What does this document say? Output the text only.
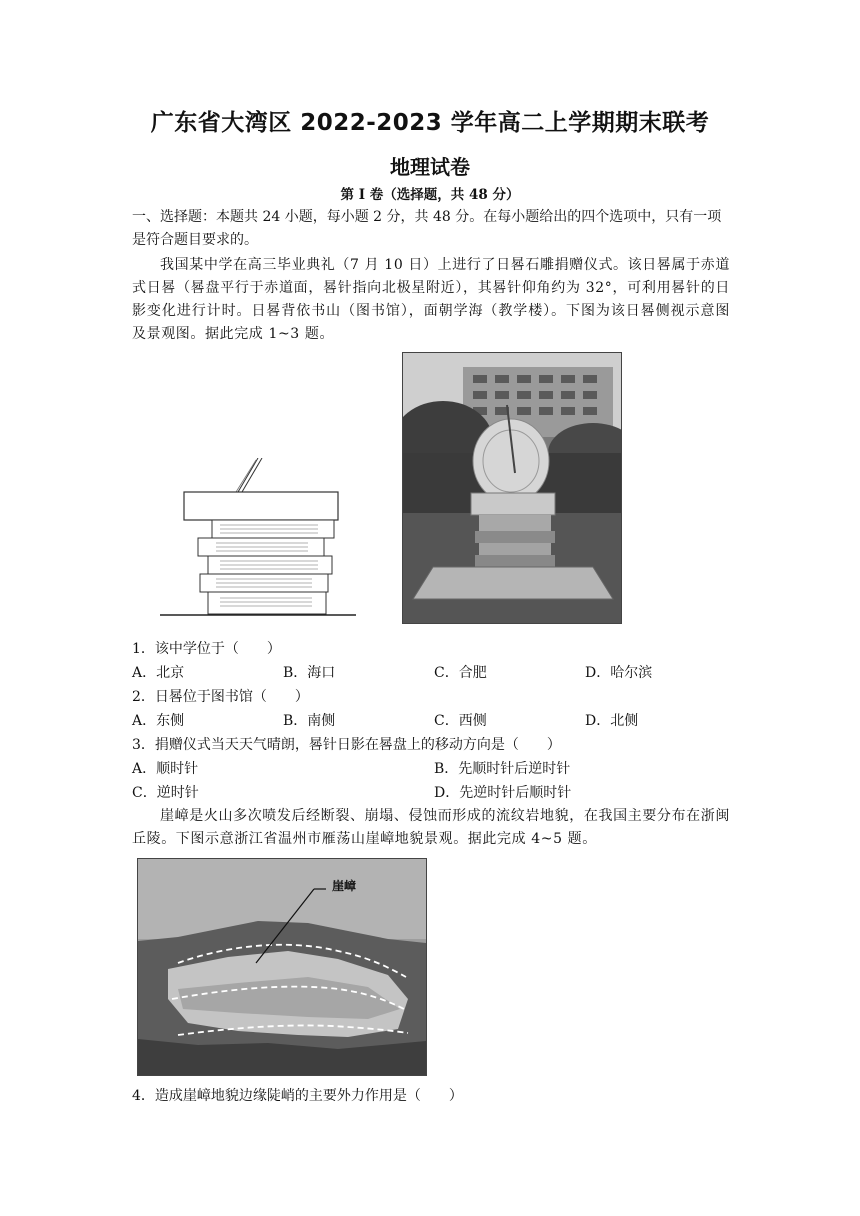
广东省大湾区 2022-2023 学年高二上学期期末联考
地理试卷
第 I 卷（选择题，共 48 分）
一、选择题：本题共 24 小题，每小题 2 分，共 48 分。在每小题给出的四个选项中，只有一项是符合题目要求的。
我国某中学在高三毕业典礼（7 月 10 日）上进行了日晷石雕捐赠仪式。该日晷属于赤道式日晷（晷盘平行于赤道面，晷针指向北极星附近），其晷针仰角约为 32°，可利用晷针的日影变化进行计时。日晷背依书山（图书馆），面朝学海（教学楼）。下图为该日晷侧视示意图及景观图。据此完成 1~3 题。
1．该中学位于（　　）
A．北京	B．海口	C．合肥	D．哈尔滨
2．日晷位于图书馆（　　）
A．东侧	B．南侧	C．西侧	D．北侧
3．捐赠仪式当天天气晴朗，晷针日影在晷盘上的移动方向是（　　）
A．顺时针	B．先顺时针后逆时针
C．逆时针	D．先逆时针后顺时针
崖嶂是火山多次喷发后经断裂、崩塌、侵蚀而形成的流纹岩地貌，在我国主要分布在浙闽丘陵。下图示意浙江省温州市雁荡山崖嶂地貌景观。据此完成 4~5 题。
崖嶂
4．造成崖嶂地貌边缘陡峭的主要外力作用是（　　）
